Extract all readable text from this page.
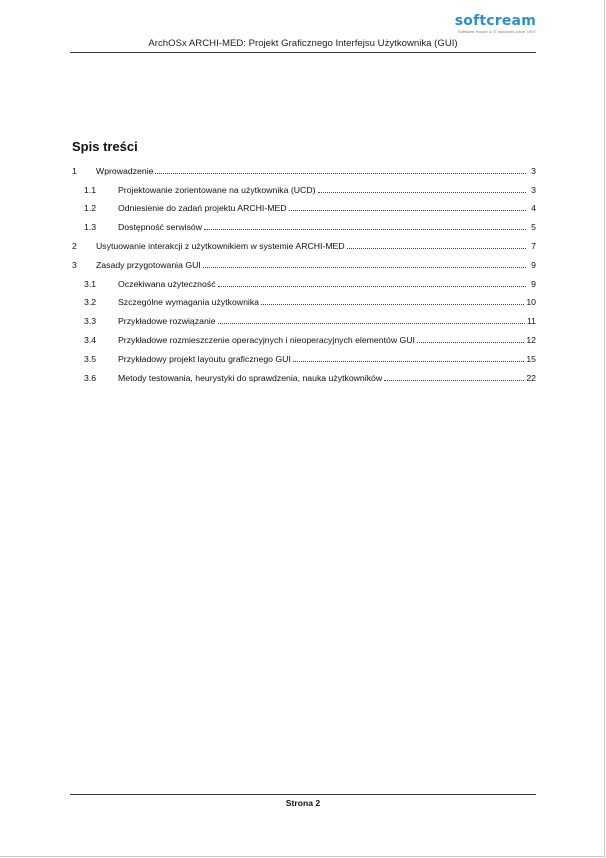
softcream
Software House & IT solutions since 1997
ArchOSx ARCHI-MED: Projekt Graficznego Interfejsu Użytkownika (GUI)
Spis treści
1	Wprowadzenie	3
1.1	Projektowanie zorientowane na użytkownika (UCD)	3
1.2	Odniesienie do zadań projektu ARCHI-MED	4
1.3	Dostępność serwisów	5
2	Usytuowanie interakcji z użytkownikiem w systemie ARCHI-MED	7
3	Zasady przygotowania GUI	9
3.1	Oczekiwana użyteczność	9
3.2	Szczególne wymagania użytkownika	10
3.3	Przykładowe rozwiązanie	11
3.4	Przykładowe rozmieszczenie operacyjnych i nieoperacyjnych elementów GUI	12
3.5	Przykładowy projekt layoutu graficznego GUI	15
3.6	Metody testowania, heurystyki do sprawdzenia, nauka użytkowników	22
Strona 2
